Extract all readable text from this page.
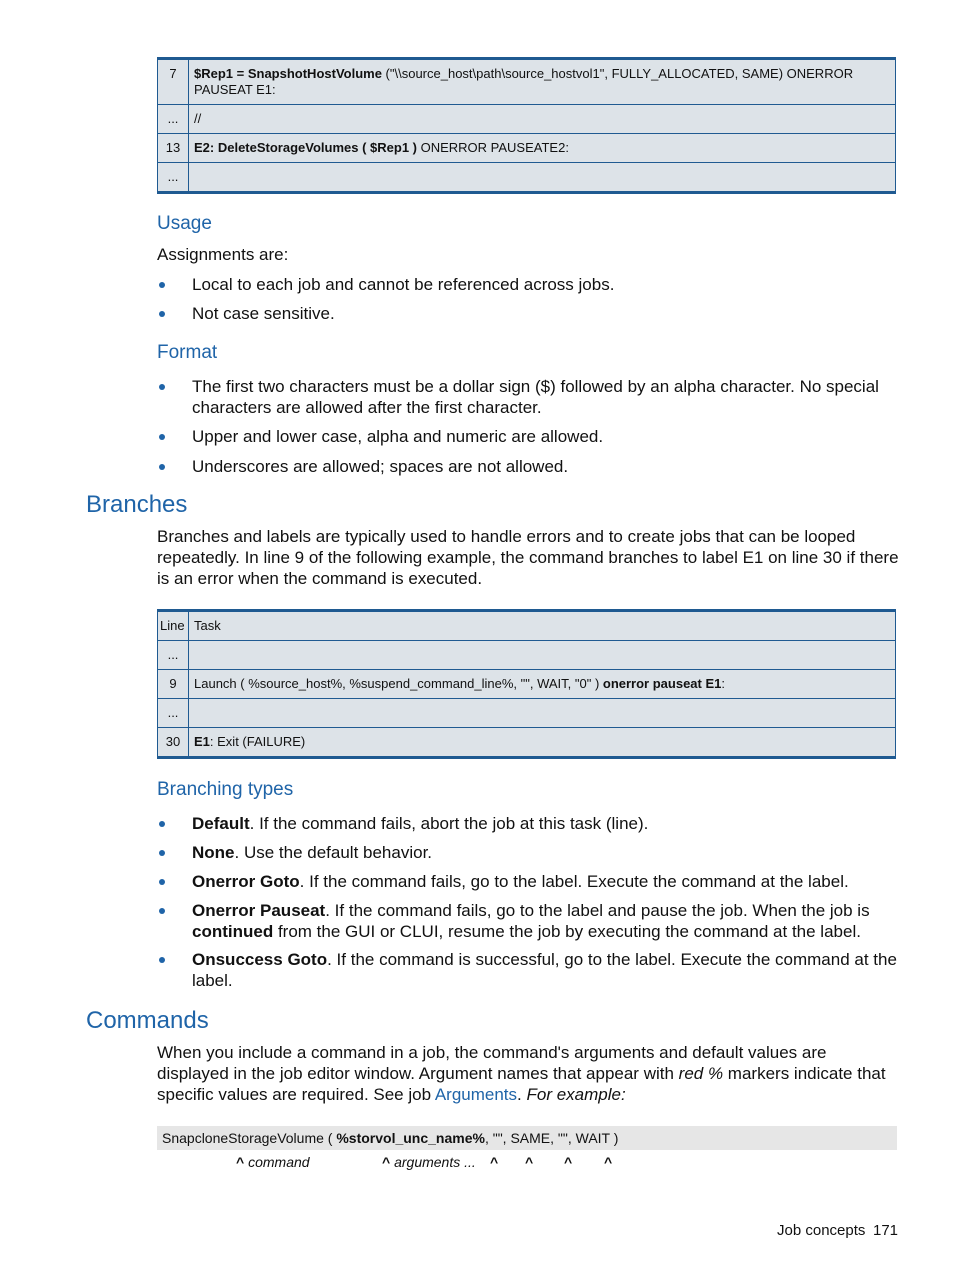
7	$Rep1 = SnapshotHostVolume ("\\source_host\path\source_hostvol1", FULLY_ALLOCATED, SAME) ONERROR PAUSEAT E1:
...	//
13	E2: DeleteStorageVolumes ( $Rep1 ) ONERROR PAUSEATE2:
...	
Usage
Assignments are:
Local to each job and cannot be referenced across jobs.
Not case sensitive.
Format
The first two characters must be a dollar sign ($) followed by an alpha character. No special characters are allowed after the first character.
Upper and lower case, alpha and numeric are allowed.
Underscores are allowed; spaces are not allowed.
Branches
Branches and labels are typically used to handle errors and to create jobs that can be looped repeatedly. In line 9 of the following example, the command branches to label E1 on line 30 if there is an error when the command is executed.
Line	Task
...	
9	Launch ( %source_host%, %suspend_command_line%, "", WAIT, "0" ) onerror pauseat E1:
...	
30	E1: Exit (FAILURE)
Branching types
Default. If the command fails, abort the job at this task (line).
None. Use the default behavior.
Onerror Goto. If the command fails, go to the label. Execute the command at the label.
Onerror Pauseat. If the command fails, go to the label and pause the job. When the job is continued from the GUI or CLUI, resume the job by executing the command at the label.
Onsuccess Goto. If the command is successful, go to the label. Execute the command at the label.
Commands
When you include a command in a job, the command's arguments and default values are displayed in the job editor window. Argument names that appear with red % markers indicate that specific values are required. See job Arguments. For example:
SnapcloneStorageVolume ( %storvol_unc_name%, "", SAME, "", WAIT )
^ command	^ arguments ... ^ ^ ^ ^
Job concepts 171
